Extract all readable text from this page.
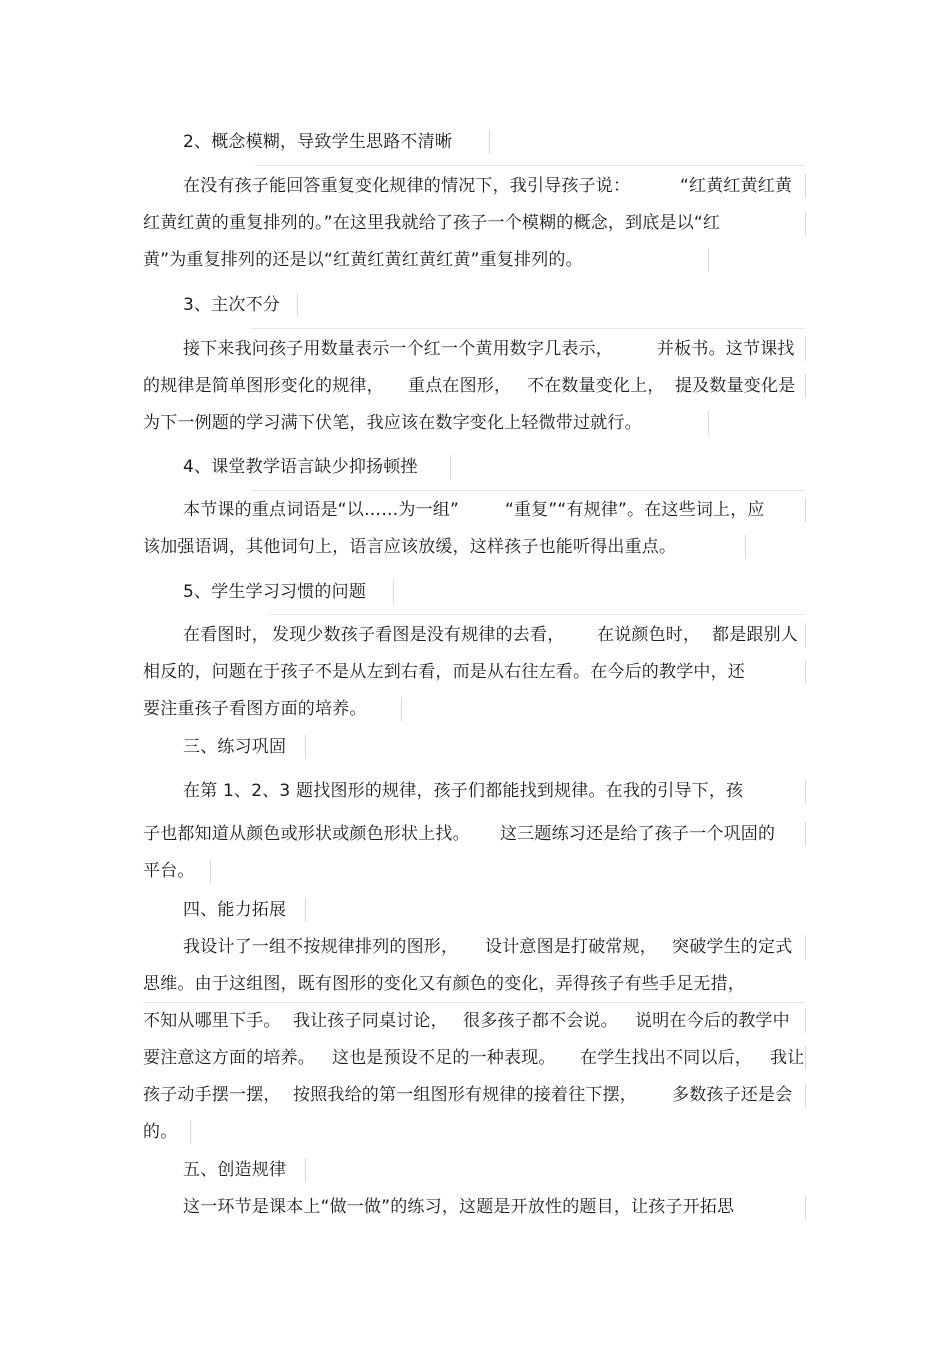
2、概念模糊，导致学生思路不清晰
在没有孩子能回答重复变化规律的情况下，我引导孩子说：	“红黄红黄红黄
红黄红黄的重复排列的。”在这里我就给了孩子一个模糊的概念，到底是以“红
黄”为重复排列的还是以“红黄红黄红黄红黄”重复排列的。
3、主次不分
接下来我问孩子用数量表示一个红一个黄用数字几表示，	并板书。这节课找
的规律是简单图形变化的规律， 重点在图形， 不在数量变化上， 提及数量变化是
为下一例题的学习满下伏笔，我应该在数字变化上轻微带过就行。
4、课堂教学语言缺少抑扬顿挫
本节课的重点词语是“以……为一组”	“重复”“有规律”。在这些词上，应
该加强语调，其他词句上，语言应该放缓，这样孩子也能听得出重点。
5、学生学习习惯的问题
在看图时， 发现少数孩子看图是没有规律的去看， 在说颜色时， 都是跟别人
相反的，问题在于孩子不是从左到右看，而是从右往左看。在今后的教学中，还
要注重孩子看图方面的培养。
三、练习巩固
在第 1、2、3 题找图形的规律，孩子们都能找到规律。在我的引导下，孩
子也都知道从颜色或形状或颜色形状上找。 这三题练习还是给了孩子一个巩固的
平台。
四、能力拓展
我设计了一组不按规律排列的图形， 设计意图是打破常规， 突破学生的定式
思维。由于这组图，既有图形的变化又有颜色的变化，弄得孩子有些手足无措，
不知从哪里下手。 我让孩子同桌讨论， 很多孩子都不会说。 说明在今后的教学中
要注意这方面的培养。 这也是预设不足的一种表现。 在学生找出不同以后， 我让
孩子动手摆一摆， 按照我给的第一组图形有规律的接着往下摆， 多数孩子还是会
的。
五、创造规律
这一环节是课本上“做一做”的练习，这题是开放性的题目，让孩子开拓思
